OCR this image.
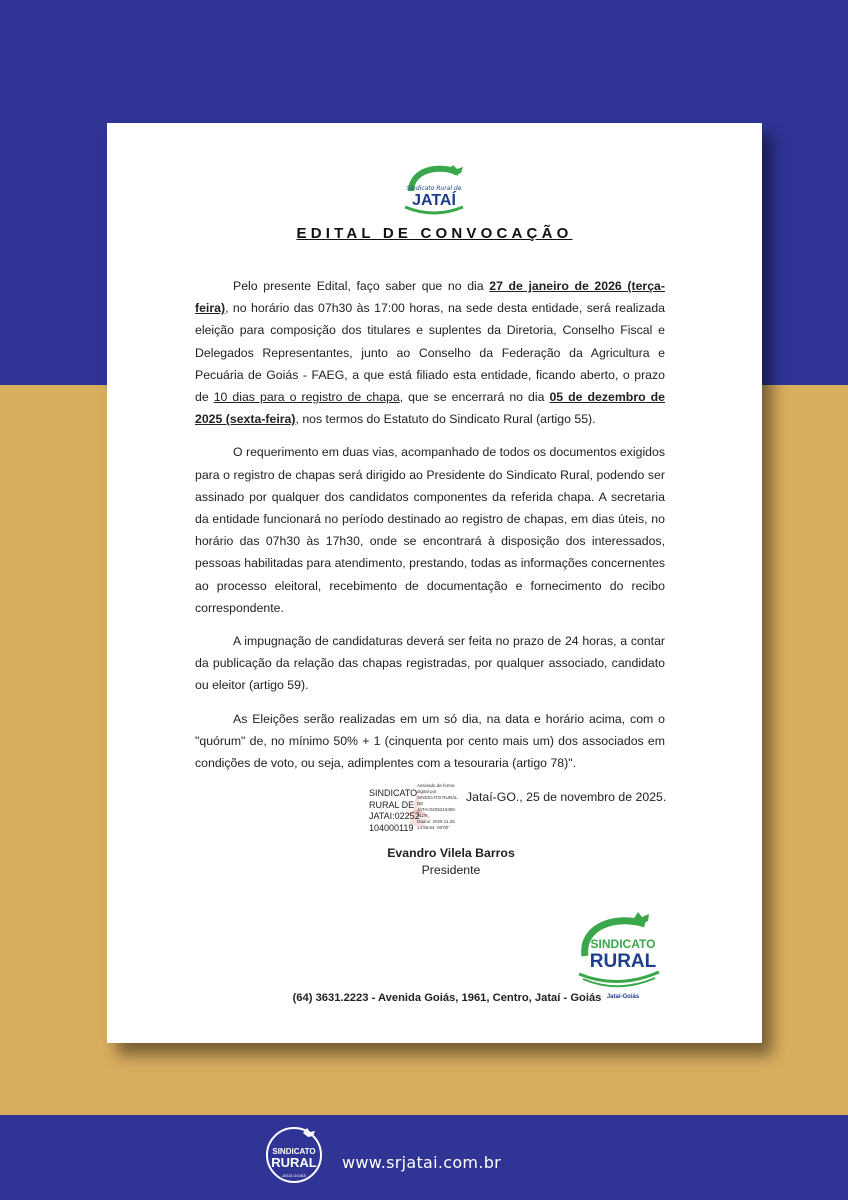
Sindicato Rural de
JATAÍ
EDITAL DE CONVOCAÇÃO

Pelo presente Edital, faço saber que no dia 27 de janeiro de 2026 (terça-feira), no horário das 07h30 às 17:00 horas, na sede desta entidade, será realizada eleição para composição dos titulares e suplentes da Diretoria, Conselho Fiscal e Delegados Representantes, junto ao Conselho da Federação da Agricultura e Pecuária de Goiás - FAEG, a que está filiado esta entidade, ficando aberto, o prazo de 10 dias para o registro de chapa, que se encerrará no dia 05 de dezembro de 2025 (sexta-feira), nos termos do Estatuto do Sindicato Rural (artigo 55).

O requerimento em duas vias, acompanhado de todos os documentos exigidos para o registro de chapas será dirigido ao Presidente do Sindicato Rural, podendo ser assinado por qualquer dos candidatos componentes da referida chapa. A secretaria da entidade funcionará no período destinado ao registro de chapas, em dias úteis, no horário das 07h30 às 17h30, onde se encontrará à disposição dos interessados, pessoas habilitadas para atendimento, prestando, todas as informações concernentes ao processo eleitoral, recebimento de documentação e fornecimento do recibo correspondente.

A impugnação de candidaturas deverá ser feita no prazo de 24 horas, a contar da publicação da relação das chapas registradas, por qualquer associado, candidato ou eleitor (artigo 59).

As Eleições serão realizadas em um só dia, na data e horário acima, com o "quórum" de, no mínimo 50% + 1 (cinquenta por cento mais um) dos associados em condições de voto, ou seja, adimplentes com a tesouraria (artigo 78)".

SINDICATO
RURAL DE
JATAI:02252
104000119
Assinado de forma
digital por
SINDICATO RURAL
DE
JATAI:0225210400
0119
Dados: 2025.11.25
14:55:54 -03'00'
Jataí-GO., 25 de novembro de 2025.
Evandro Vilela Barros
Presidente
SINDICATO
RURAL
Jataí-Goiás
(64) 3631.2223 - Avenida Goiás, 1961, Centro, Jataí - Goiás
SINDICATO
RURAL
JATAÍ-GOIÁS
www.srjatai.com.br
